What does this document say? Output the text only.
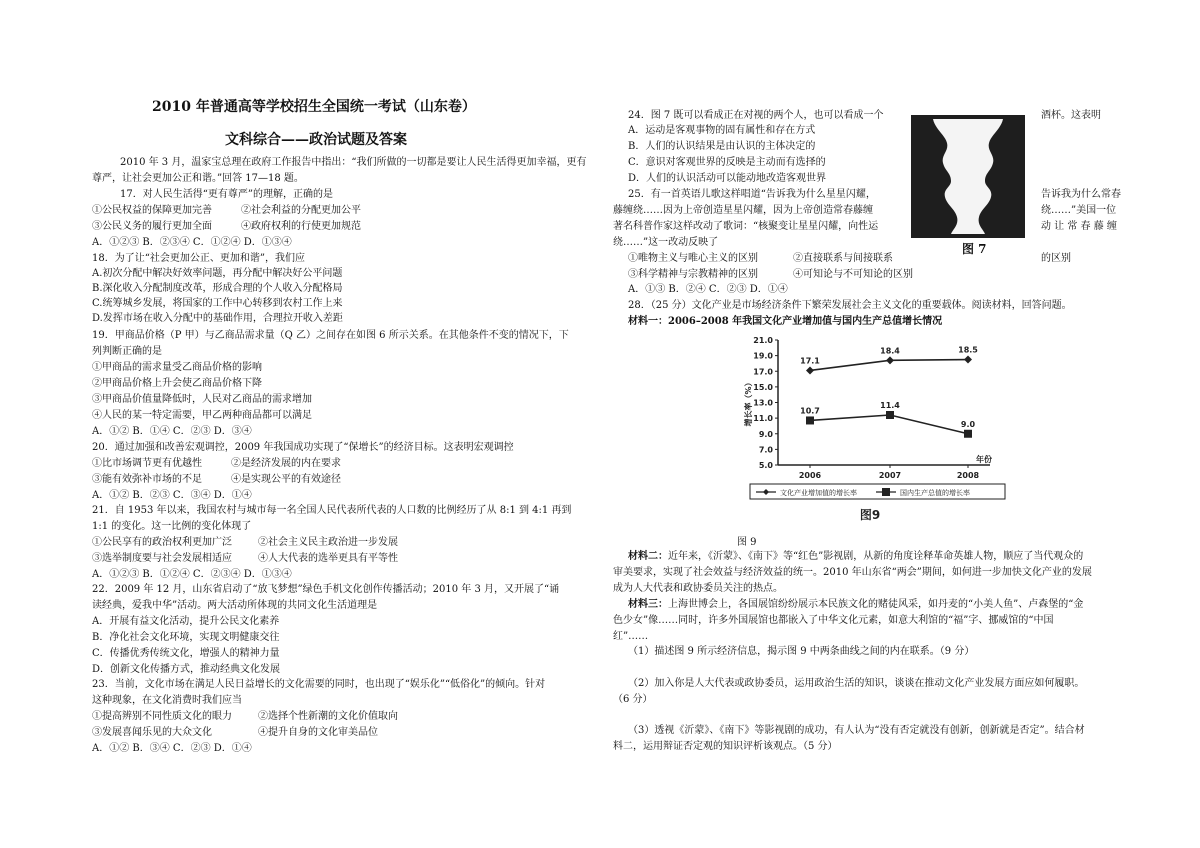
2010 年普通高等学校招生全国统一考试（山东卷）
文科综合——政治试题及答案
2010 年 3 月，温家宝总理在政府工作报告中指出：“我们所做的一切都是要让人民生活得更加幸福，更有
尊严，让社会更加公正和谐。”回答 17—18 题。
17．对人民生活得“更有尊严”的理解，正确的是
①公民权益的保障更加完善	②社会利益的分配更加公平
③公民义务的履行更加全面	④政府权利的行使更加规范
A．①②③ B．②③④ C．①②④ D．①③④
18．为了让“社会更加公正、更加和谐”，我们应
A.初次分配中解决好效率问题，再分配中解决好公平问题
B.深化收入分配制度改革，形成合理的个人收入分配格局
C.统筹城乡发展，将国家的工作中心转移到农村工作上来
D.发挥市场在收入分配中的基础作用，合理拉开收入差距
19．甲商品价格（P 甲）与乙商品需求量（Q 乙）之间存在如图 6 所示关系。在其他条件不变的情况下，下
列判断正确的是
①甲商品的需求量受乙商品价格的影响
②甲商品价格上升会使乙商品价格下降
③甲商品价值量降低时，人民对乙商品的需求增加
④人民的某一特定需要，甲乙两种商品都可以满足
A．①② B．①④ C．②③ D．③④
20．通过加强和改善宏观调控，2009 年我国成功实现了“保增长”的经济目标。这表明宏观调控
①比市场调节更有优越性	②是经济发展的内在要求
③能有效弥补市场的不足	④是实现公平的有效途径
A．①② B．②③ C．③④ D．①④
21．自 1953 年以来，我国农村与城市每一名全国人民代表所代表的人口数的比例经历了从 8:1 到 4:1 再到
1:1 的变化。这一比例的变化体现了
①公民享有的政治权利更加广泛	②社会主义民主政治进一步发展
③选举制度要与社会发展相适应	④人大代表的选举更具有平等性
A．①②③ B．①②④ C．②③④ D．①③④
22．2009 年 12 月，山东省启动了“放飞梦想”绿色手机文化创作传播活动；2010 年 3 月，又开展了“诵
读经典，爱我中华”活动。两大活动所体现的共同文化生活道理是
A．开展有益文化活动，提升公民文化素养
B．净化社会文化环境，实现文明健康交往
C．传播优秀传统文化，增强人的精神力量
D．创新文化传播方式，推动经典文化发展
23．当前，文化市场在满足人民日益增长的文化需要的同时，也出现了“娱乐化”“低俗化”的倾向。针对
这种现象，在文化消费时我们应当
①提高辨别不同性质文化的眼力	②选择个性新潮的文化价值取向
③发展喜闻乐见的大众文化	④提升自身的文化审美品位
A．①② B．③④ C．②③ D．①④
24．图 7 既可以看成正在对视的两个人，也可以看成一个	酒杯。这表明
A．运动是客观事物的固有属性和存在方式
B．人们的认识结果是由认识的主体决定的
C．意识对客观世界的反映是主动而有选择的
D．人们的认识活动可以能动地改造客观世界
图 7
25．有一首英语儿歌这样唱道“告诉我为什么星星闪耀，	告诉我为什么常春
藤缠绕……因为上帝创造星星闪耀，因为上帝创造常春藤缠	绕……”美国一位
著名科普作家这样改动了歌词：“核聚变让星星闪耀，向性运	动 让 常 春 藤 缠
绕……”这一改动反映了
①唯物主义与唯心主义的区别	②直接联系与间接联系	的区别
③科学精神与宗教精神的区别	④可知论与不可知论的区别
A．①③ B．②④ C．②③ D．①④
28．（25 分）文化产业是市场经济条件下繁荣发展社会主义文化的重要载体。阅读材料，回答问题。
材料一：2006–2008 年我国文化产业增加值与国内生产总值增长情况
5.0
7.0
9.0
11.0
13.0
15.0
17.0
19.0
21.0
增长率（%）
2006	2007	2008
年份
17.1
18.4	18.5
10.7
11.4
9.0
文化产业增加值的增长率	国内生产总值的增长率
图9
图 9
材料二：近年来，《沂蒙》、《南下》等“红色”影视剧，从新的角度诠释革命英雄人物，顺应了当代观众的
审美要求，实现了社会效益与经济效益的统一。2010 年山东省“两会”期间，如何进一步加快文化产业的发展
成为人大代表和政协委员关注的热点。
材料三：上海世博会上，各国展馆纷纷展示本民族文化的赌徒风采，如丹麦的“小美人鱼”、卢森堡的“金
色少女”像……同时，许多外国展馆也都嵌入了中华文化元素，如意大利馆的“福”字、挪威馆的“中国
红”……
（1）描述图 9 所示经济信息，揭示图 9 中两条曲线之间的内在联系。（9 分）
（2）加入你是人大代表或政协委员，运用政治生活的知识，谈谈在推动文化产业发展方面应如何履职。
（6 分）
（3）透视《沂蒙》、《南下》等影视剧的成功，有人认为“没有否定就没有创新，创新就是否定”。结合材
料二，运用辩证否定观的知识评析该观点。（5 分）
